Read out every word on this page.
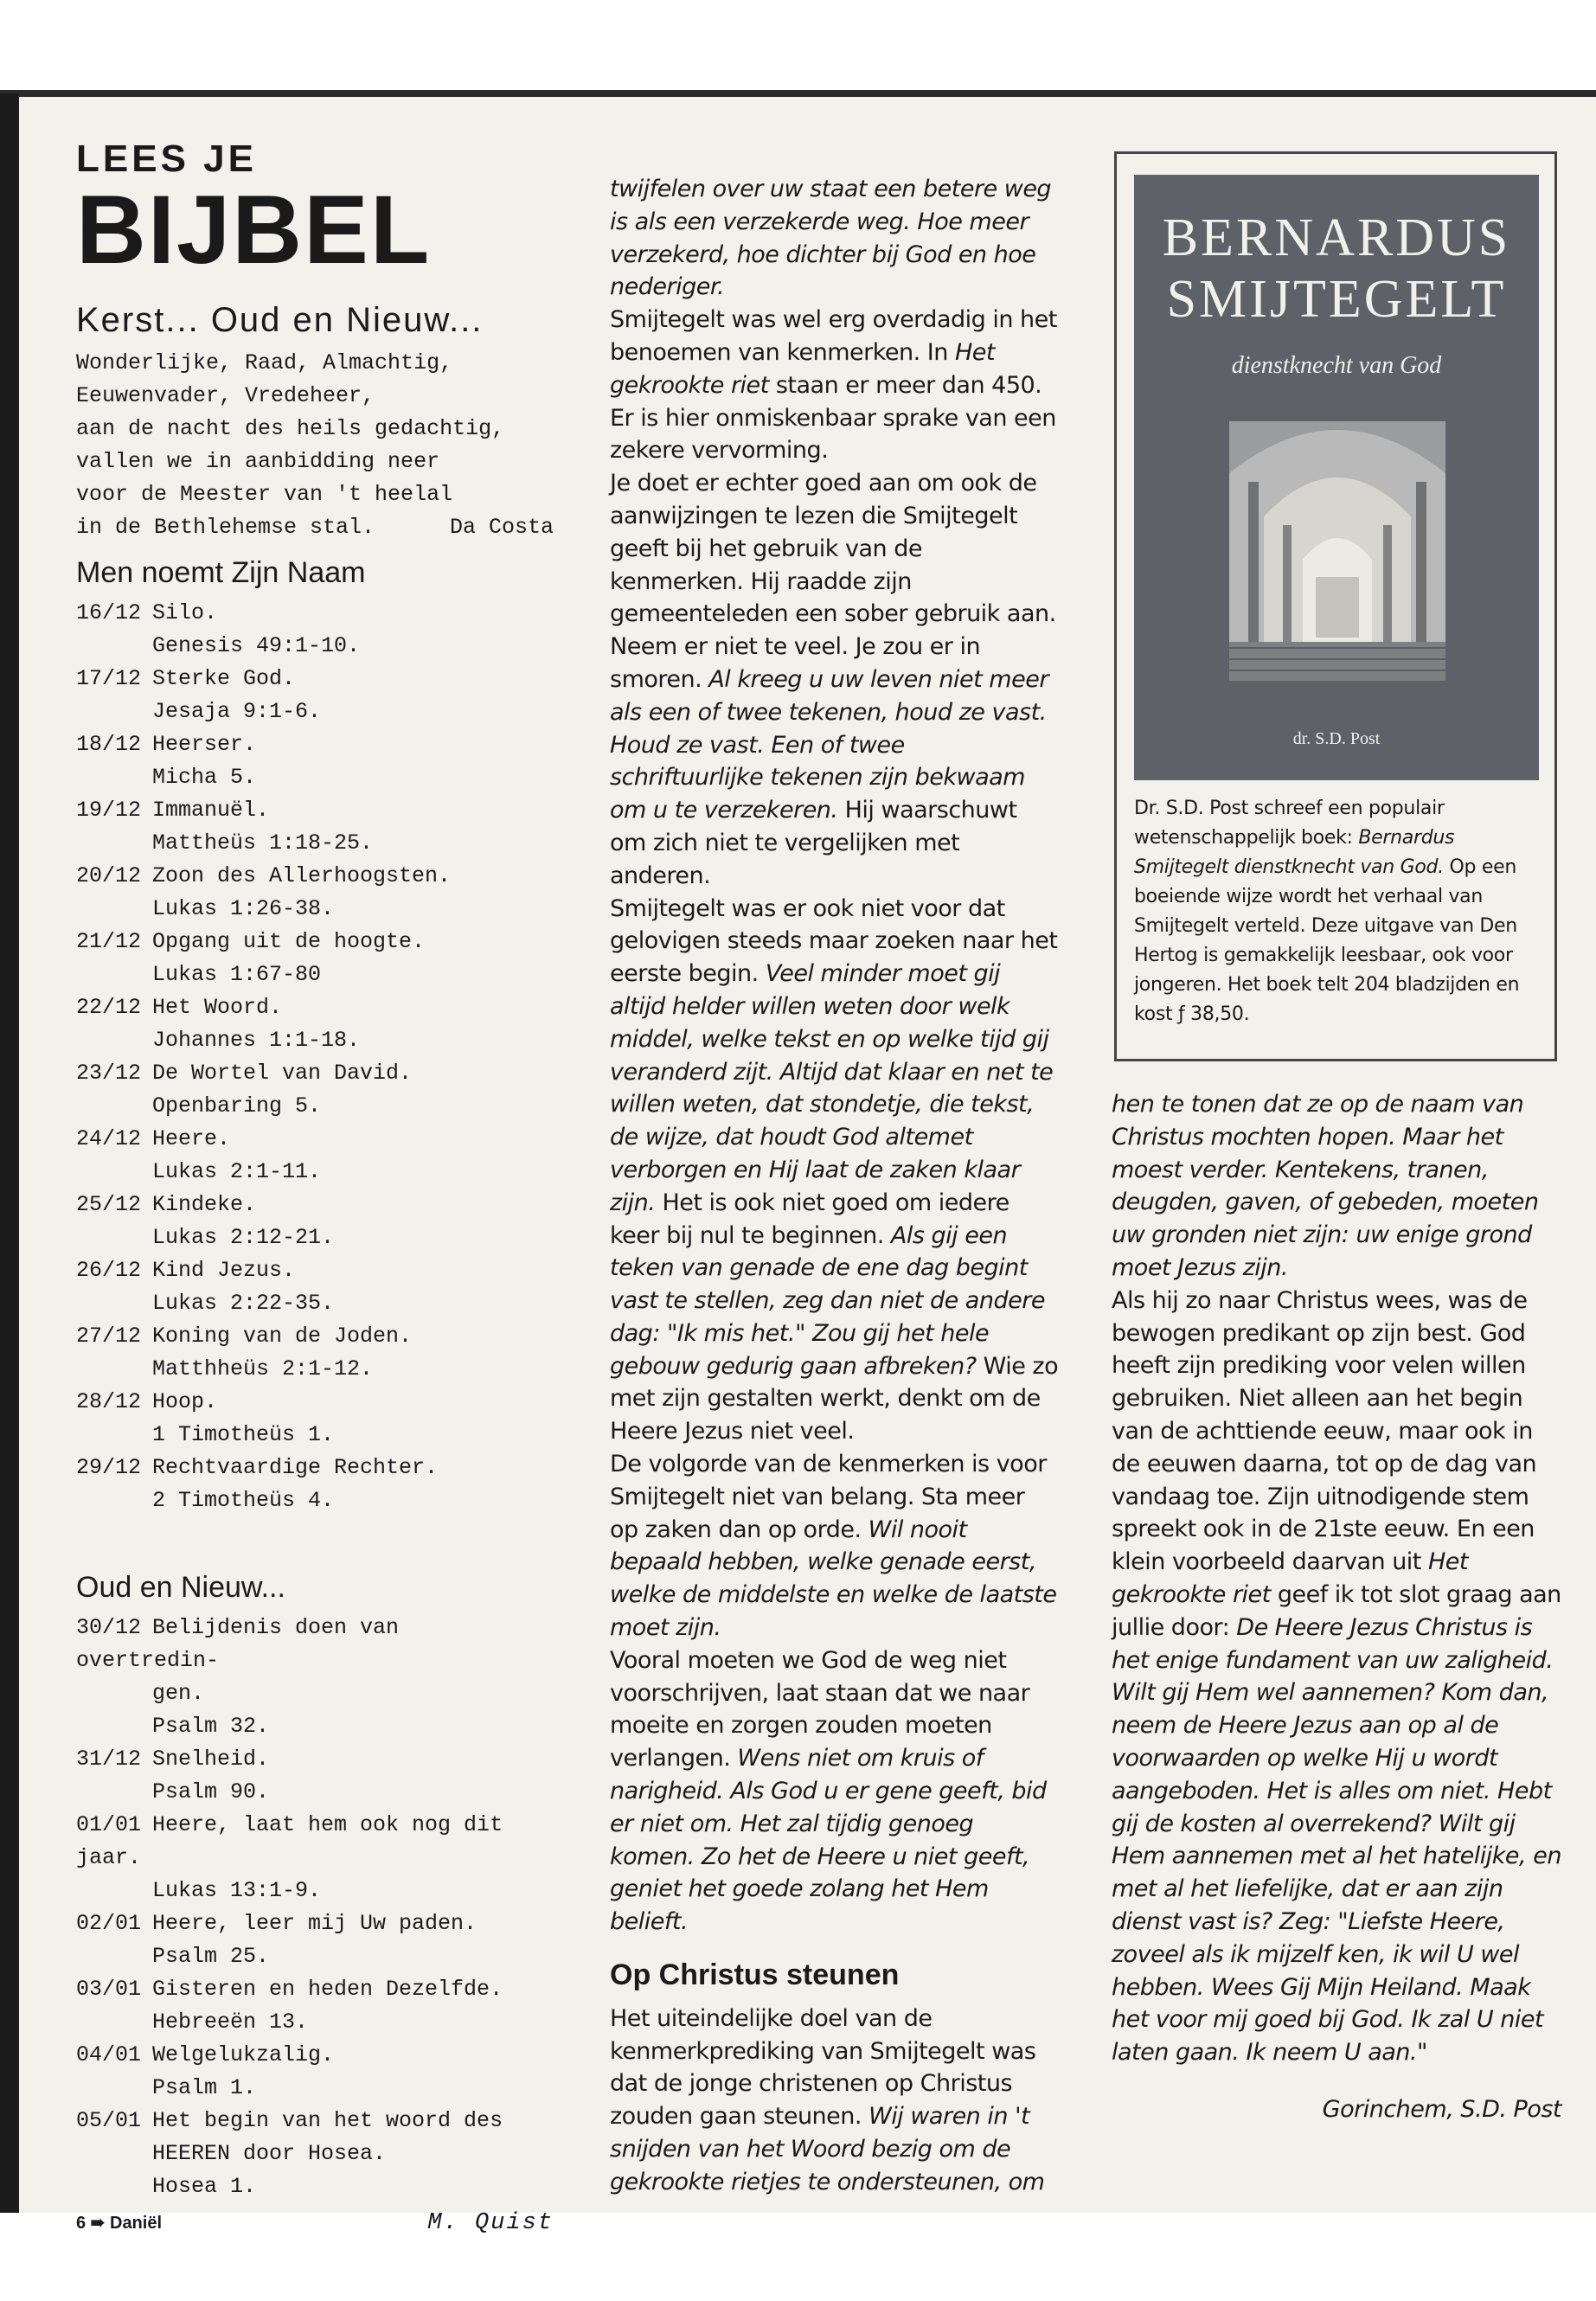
LEES JE
BIJBEL
Kerst... Oud en Nieuw...
Wonderlijke, Raad, Almachtig,
Eeuwenvader, Vredeheer,
aan de nacht des heils gedachtig,
vallen we in aanbidding neer
voor de Meester van 't heelal
in de Bethlehemse stal.	Da Costa
Men noemt Zijn Naam
16/12 Silo.
Genesis 49:1-10.
17/12 Sterke God.
Jesaja 9:1-6.
18/12 Heerser.
Micha 5.
19/12 Immanuël.
Mattheüs 1:18-25.
20/12 Zoon des Allerhoogsten.
Lukas 1:26-38.
21/12 Opgang uit de hoogte.
Lukas 1:67-80
22/12 Het Woord.
Johannes 1:1-18.
23/12 De Wortel van David.
Openbaring 5.
24/12 Heere.
Lukas 2:1-11.
25/12 Kindeke.
Lukas 2:12-21.
26/12 Kind Jezus.
Lukas 2:22-35.
27/12 Koning van de Joden.
Matthheüs 2:1-12.
28/12 Hoop.
1 Timotheüs 1.
29/12 Rechtvaardige Rechter.
2 Timotheüs 4.
Oud en Nieuw...
30/12 Belijdenis doen van overtredin-
gen.
Psalm 32.
31/12 Snelheid.
Psalm 90.
01/01 Heere, laat hem ook nog dit jaar.
Lukas 13:1-9.
02/01 Heere, leer mij Uw paden.
Psalm 25.
03/01 Gisteren en heden Dezelfde.
Hebreeën 13.
04/01 Welgelukzalig.
Psalm 1.
05/01 Het begin van het woord des
HEEREN door Hosea.
Hosea 1.
6 ➠ Daniël	M. Quist

twijfelen over uw staat een betere weg is als een verzekerde weg. Hoe meer verzekerd, hoe dichter bij God en hoe nederiger.

Smijtegelt was wel erg overdadig in het benoemen van kenmerken. In Het gekrookte riet staan er meer dan 450. Er is hier onmiskenbaar sprake van een zekere vervorming.

Je doet er echter goed aan om ook de aanwijzingen te lezen die Smijtegelt geeft bij het gebruik van de kenmerken. Hij raadde zijn gemeenteleden een sober gebruik aan. Neem er niet te veel. Je zou er in smoren. Al kreeg u uw leven niet meer als een of twee tekenen, houd ze vast. Houd ze vast. Een of twee schriftuurlijke tekenen zijn bekwaam om u te verzekeren. Hij waarschuwt om zich niet te vergelijken met anderen.

Smijtegelt was er ook niet voor dat gelovigen steeds maar zoeken naar het eerste begin. Veel minder moet gij altijd helder willen weten door welk middel, welke tekst en op welke tijd gij veranderd zijt. Altijd dat klaar en net te willen weten, dat stondetje, die tekst, de wijze, dat houdt God altemet verborgen en Hij laat de zaken klaar zijn. Het is ook niet goed om iedere keer bij nul te beginnen. Als gij een teken van genade de ene dag begint vast te stellen, zeg dan niet de andere dag: "Ik mis het." Zou gij het hele gebouw gedurig gaan afbreken? Wie zo met zijn gestalten werkt, denkt om de Heere Jezus niet veel.

De volgorde van de kenmerken is voor Smijtegelt niet van belang. Sta meer op zaken dan op orde. Wil nooit bepaald hebben, welke genade eerst, welke de middelste en welke de laatste moet zijn.

Vooral moeten we God de weg niet voorschrijven, laat staan dat we naar moeite en zorgen zouden moeten verlangen. Wens niet om kruis of narigheid. Als God u er gene geeft, bid er niet om. Het zal tijdig genoeg komen. Zo het de Heere u niet geeft, geniet het goede zolang het Hem belieft.

Op Christus steunen

Het uiteindelijke doel van de kenmerkprediking van Smijtegelt was dat de jonge christenen op Christus zouden gaan steunen. Wij waren in 't snijden van het Woord bezig om de gekrookte rietjes te ondersteunen, om

BERNARDUS
SMIJTEGELT
dienstknecht van God
dr. S.D. Post
Dr. S.D. Post schreef een populair wetenschappelijk boek: Bernardus Smijtegelt dienstknecht van God. Op een boeiende wijze wordt het verhaal van Smijtegelt verteld. Deze uitgave van Den Hertog is gemakkelijk leesbaar, ook voor jongeren. Het boek telt 204 bladzijden en kost ƒ 38,50.

hen te tonen dat ze op de naam van Christus mochten hopen. Maar het moest verder. Kentekens, tranen, deugden, gaven, of gebeden, moeten uw gronden niet zijn: uw enige grond moet Jezus zijn.

Als hij zo naar Christus wees, was de bewogen predikant op zijn best. God heeft zijn prediking voor velen willen gebruiken. Niet alleen aan het begin van de achttiende eeuw, maar ook in de eeuwen daarna, tot op de dag van vandaag toe. Zijn uitnodigende stem spreekt ook in de 21ste eeuw. En een klein voorbeeld daarvan uit Het gekrookte riet geef ik tot slot graag aan jullie door: De Heere Jezus Christus is het enige fundament van uw zaligheid. Wilt gij Hem wel aannemen? Kom dan, neem de Heere Jezus aan op al de voorwaarden op welke Hij u wordt aangeboden. Het is alles om niet. Hebt gij de kosten al overrekend? Wilt gij Hem aannemen met al het hatelijke, en met al het liefelijke, dat er aan zijn dienst vast is? Zeg: "Liefste Heere, zoveel als ik mijzelf ken, ik wil U wel hebben. Wees Gij Mijn Heiland. Maak het voor mij goed bij God. Ik zal U niet laten gaan. Ik neem U aan."

Gorinchem, S.D. Post
